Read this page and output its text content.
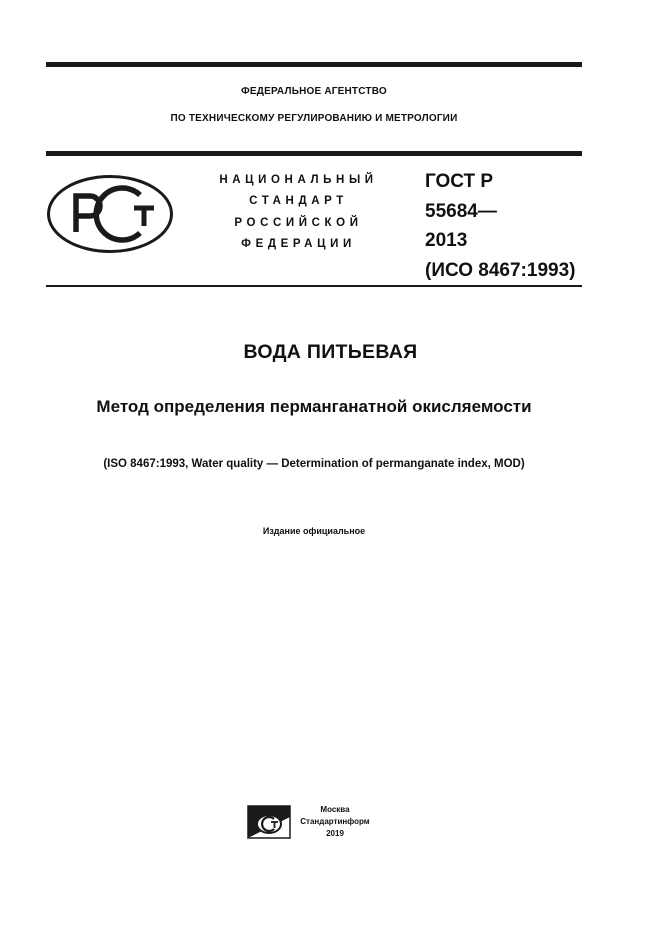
ФЕДЕРАЛЬНОЕ АГЕНТСТВО
ПО ТЕХНИЧЕСКОМУ РЕГУЛИРОВАНИЮ И МЕТРОЛОГИИ
НАЦИОНАЛЬНЫЙ
СТАНДАРТ
РОССИЙСКОЙ
ФЕДЕРАЦИИ
ГОСТ Р
55684—
2013
(ИСО 8467:1993)
ВОДА ПИТЬЕВАЯ
Метод определения перманганатной окисляемости
(ISO 8467:1993, Water quality — Determination of permanganate index, MOD)
Издание официальное
Москва
Стандартинформ
2019
